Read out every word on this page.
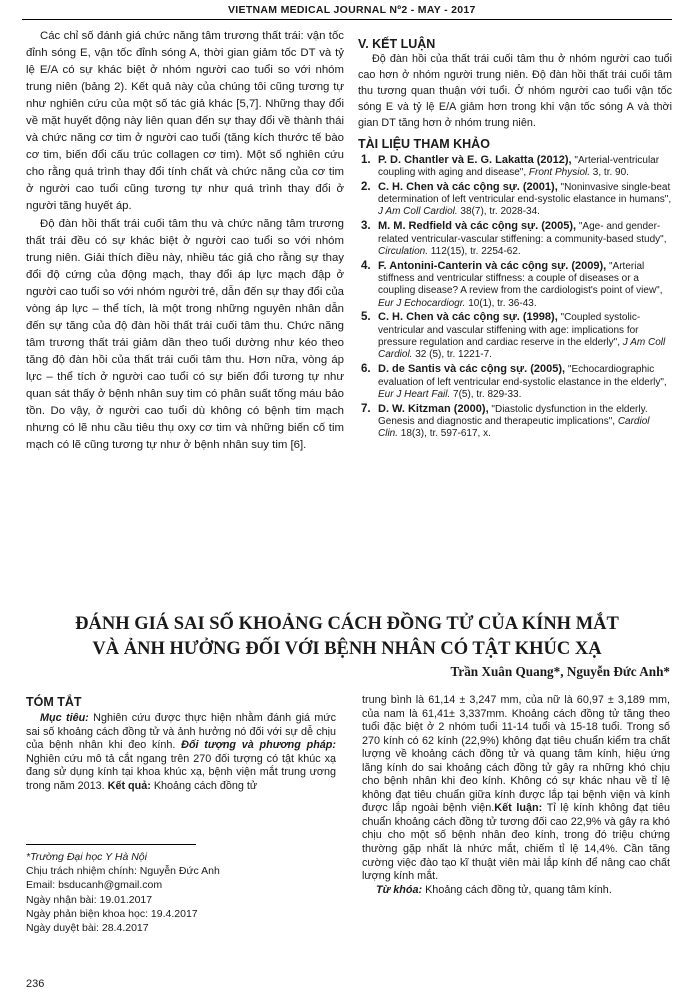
VIETNAM MEDICAL JOURNAL Nº2 - MAY - 2017

Các chỉ số đánh giá chức năng tâm trương thất trái: vận tốc đỉnh sóng E, vận tốc đỉnh sóng A, thời gian giảm tốc DT và tỷ lệ E/A có sự khác biệt ở nhóm người cao tuổi so với nhóm trung niên (bảng 2). Kết quả này của chúng tôi cũng tương tự như nghiên cứu của một số tác giả khác [5,7]. Những thay đổi về mặt huyết động này liên quan đến sự thay đổi về thành thái và chức năng cơ tim ở người cao tuổi (tăng kích thước tế bào cơ tim, biến đổi cấu trúc collagen cơ tim). Một số nghiên cứu cho rằng quá trình thay đổi tính chất và chức năng của cơ tim ở người cao tuổi cũng tương tự như quá trình thay đổi ở người tăng huyết áp.

Độ đàn hồi thất trái cuối tâm thu và chức năng tâm trương thất trái đều có sự khác biệt ở người cao tuổi so với nhóm trung niên. Giải thích điều này, nhiều tác giả cho rằng sự thay đổi độ cứng của động mạch, thay đổi áp lực mạch đập ở người cao tuổi so với nhóm người trẻ, dẫn đến sự thay đổi của vòng áp lực – thể tích, là một trong những nguyên nhân dẫn đến sự tăng của độ đàn hồi thất trái cuối tâm thu. Chức năng tâm trương thất trái giảm dần theo tuổi dường như kéo theo tăng độ đàn hồi của thất trái cuối tâm thu. Hơn nữa, vòng áp lực – thể tích ở người cao tuổi có sự biến đổi tương tự như quan sát thấy ở bệnh nhân suy tim có phân suất tống máu bảo tồn. Do vậy, ở người cao tuổi dù không có bệnh tim mạch nhưng có lẽ nhu cầu tiêu thụ oxy cơ tim và những biến cố tim mạch có lẽ cũng tương tự như ở bệnh nhân suy tim [6].

V. KẾT LUẬN

Độ đàn hồi của thất trái cuối tâm thu ở nhóm người cao tuổi cao hơn ở nhóm người trung niên. Độ đàn hồi thất trái cuối tâm thu tương quan thuận với tuổi. Ở nhóm người cao tuổi vận tốc sóng E và tỷ lệ E/A giảm hơn trong khi vận tốc sóng A và thời gian DT tăng hơn ở nhóm trung niên.

TÀI LIỆU THAM KHẢO

1. P. D. Chantler và E. G. Lakatta (2012), "Arterial-ventricular coupling with aging and disease", Front Physiol. 3, tr. 90.
2. C. H. Chen và các cộng sự. (2001), "Noninvasive single-beat determination of left ventricular end-systolic elastance in humans", J Am Coll Cardiol. 38(7), tr. 2028-34.
3. M. M. Redfield và các cộng sự. (2005), "Age- and gender-related ventricular-vascular stiffening: a community-based study", Circulation. 112(15), tr. 2254-62.
4. F. Antonini-Canterin và các cộng sự. (2009), "Arterial stiffness and ventricular stiffness: a couple of diseases or a coupling disease? A review from the cardiologist's point of view", Eur J Echocardiogr. 10(1), tr. 36-43.
5. C. H. Chen và các cộng sự. (1998), "Coupled systolic-ventricular and vascular stiffening with age: implications for pressure regulation and cardiac reserve in the elderly", J Am Coll Cardiol. 32 (5), tr. 1221-7.
6. D. de Santis và các cộng sự. (2005), "Echocardiographic evaluation of left ventricular end-systolic elastance in the elderly", Eur J Heart Fail. 7(5), tr. 829-33.
7. D. W. Kitzman (2000), "Diastolic dysfunction in the elderly. Genesis and diagnostic and therapeutic implications", Cardiol Clin. 18(3), tr. 597-617, x.
ĐÁNH GIÁ SAI SỐ KHOẢNG CÁCH ĐỒNG TỬ CỦA KÍNH MẮT
VÀ ẢNH HƯỞNG ĐỐI VỚI BỆNH NHÂN CÓ TẬT KHÚC XẠ
Trần Xuân Quang*, Nguyễn Đức Anh*
TÓM TẮT
Mục tiêu: Nghiên cứu được thực hiện nhằm đánh giá mức sai số khoảng cách đồng tử và ảnh hưởng nó đối với sự dễ chịu của bệnh nhân khi đeo kính. Đối tượng và phương pháp: Nghiên cứu mô tả cắt ngang trên 270 đối tượng có tật khúc xạ đang sử dụng kính tại khoa khúc xạ, bệnh viện mắt trung ương trong năm 2013. Kết quả: Khoảng cách đồng tử
trung bình là 61,14 ± 3,247 mm, của nữ là 60,97 ± 3,189 mm, của nam là 61,41± 3,337mm. Khoảng cách đồng tử tăng theo tuổi đặc biệt ở 2 nhóm tuổi 11-14 tuổi và 15-18 tuổi. Trong số 270 kính có 62 kính (22,9%) không đạt tiêu chuẩn kiểm tra chất lượng về khoảng cách đồng tử và quang tâm kính, hiệu ứng lăng kính do sai khoảng cách đồng tử gây ra những khó chịu cho bệnh nhân khi đeo kính. Không có sự khác nhau về tỉ lệ không đạt tiêu chuẩn giữa kính được lắp tại bệnh viện và kính được lắp ngoài bệnh viện.Kết luận: Tỉ lệ kính không đạt tiêu chuẩn khoảng cách đồng tử tương đối cao 22,9% và gây ra khó chịu cho một số bệnh nhân đeo kính, trong đó triệu chứng thường gặp nhất là nhức mắt, chiếm tỉ lệ 14,4%. Cần tăng cường việc đào tạo kĩ thuật viên mài lắp kính để nâng cao chất lượng kính mắt.
Từ khóa: Khoảng cách đồng tử, quang tâm kính.
*Trường Đại học Y Hà Nội
Chịu trách nhiệm chính: Nguyễn Đức Anh
Email: bsducanh@gmail.com
Ngày nhận bài: 19.01.2017
Ngày phản biện khoa học: 19.4.2017
Ngày duyệt bài: 28.4.2017
236
